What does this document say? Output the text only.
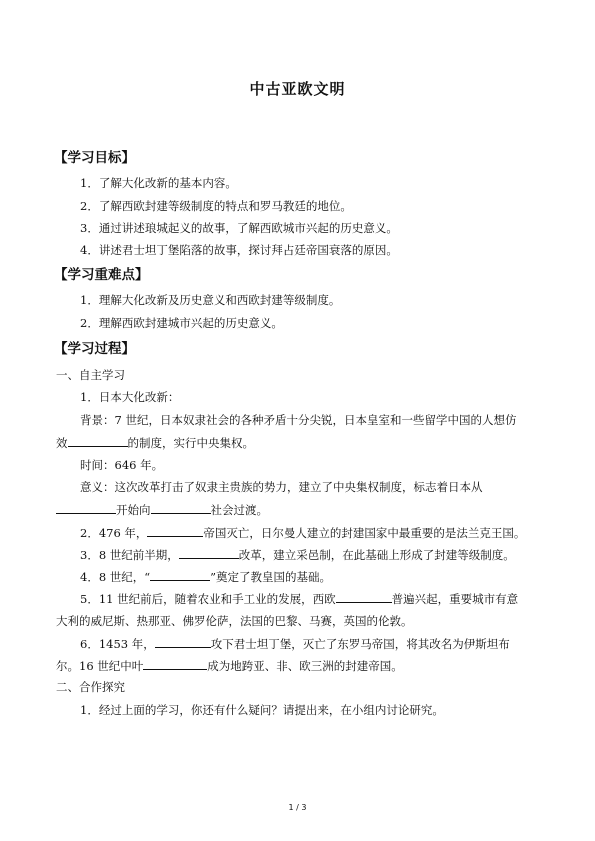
中古亚欧文明
【学习目标】
1．了解大化改新的基本内容。
2．了解西欧封建等级制度的特点和罗马教廷的地位。
3．通过讲述琅城起义的故事，了解西欧城市兴起的历史意义。
4．讲述君士坦丁堡陷落的故事，探讨拜占廷帝国衰落的原因。
【学习重难点】
1．理解大化改新及历史意义和西欧封建等级制度。
2．理解西欧封建城市兴起的历史意义。
【学习过程】
一、自主学习
1．日本大化改新：
背景：7 世纪，日本奴隶社会的各种矛盾十分尖锐，日本皇室和一些留学中国的人想仿
效	的制度，实行中央集权。
时间：646 年。
意义：这次改革打击了奴隶主贵族的势力，建立了中央集权制度，标志着日本从
开始向	社会过渡。
2．476 年，	帝国灭亡，日尔曼人建立的封建国家中最重要的是法兰克王国。
3．8 世纪前半期，	改革，建立采邑制，在此基础上形成了封建等级制度。
4．8 世纪，“	”奠定了教皇国的基础。
5．11 世纪前后，随着农业和手工业的发展，西欧	普遍兴起，重要城市有意
大利的威尼斯、热那亚、佛罗伦萨，法国的巴黎、马赛，英国的伦敦。
6．1453 年，	攻下君士坦丁堡，灭亡了东罗马帝国，将其改名为伊斯坦布
尔。16 世纪中叶	成为地跨亚、非、欧三洲的封建帝国。
二、合作探究
1．经过上面的学习，你还有什么疑问？请提出来，在小组内讨论研究。
1 / 3
